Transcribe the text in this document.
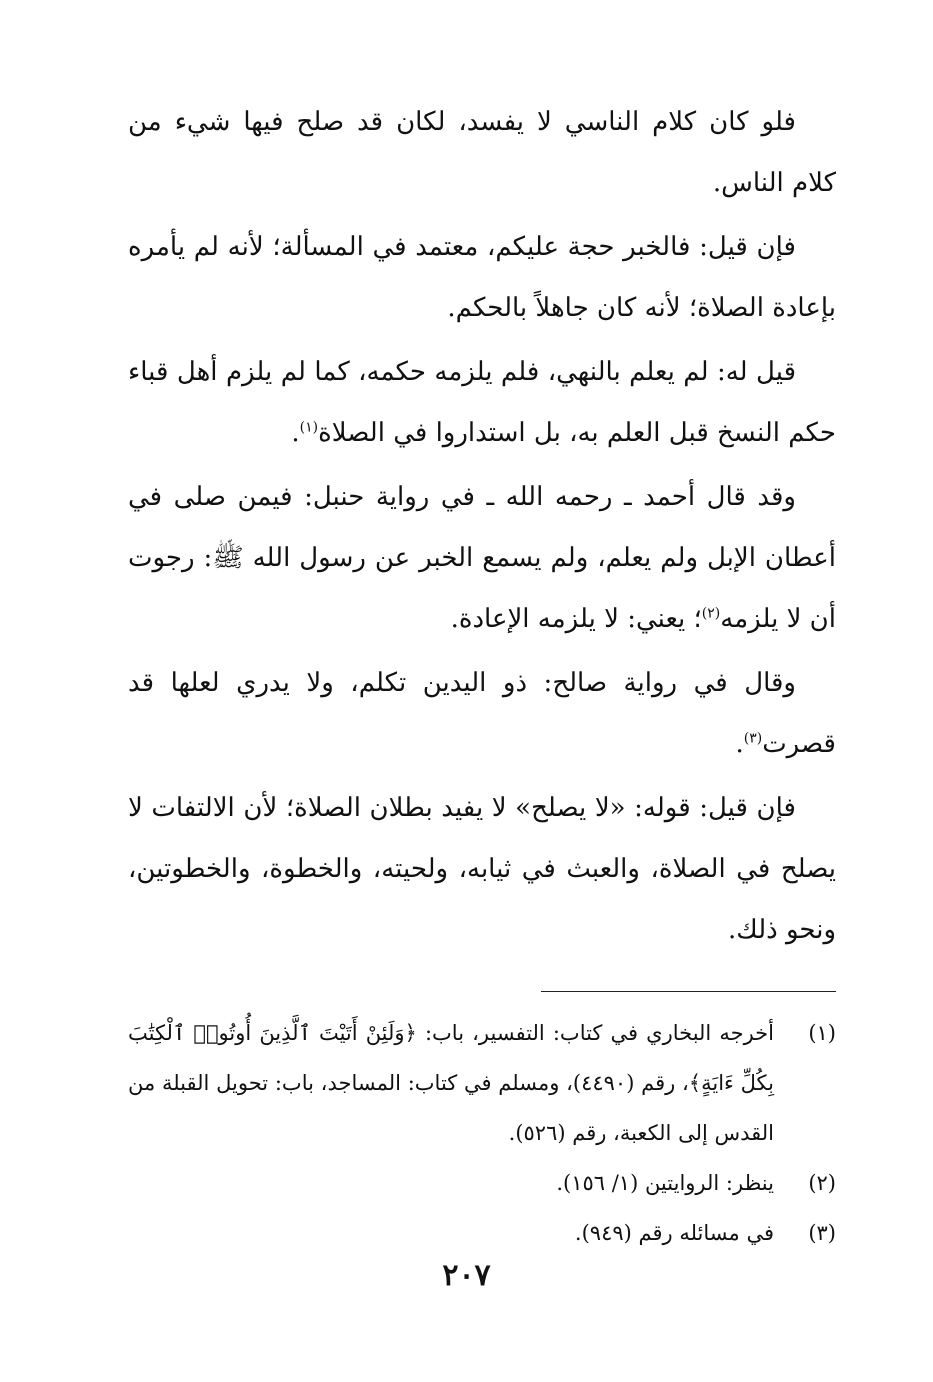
فلو كان كلام الناسي لا يفسد، لكان قد صلح فيها شيء من كلام الناس.

فإن قيل: فالخبر حجة عليكم، معتمد في المسألة؛ لأنه لم يأمره بإعادة الصلاة؛ لأنه كان جاهلاً بالحكم.

قيل له: لم يعلم بالنهي، فلم يلزمه حكمه، كما لم يلزم أهل قباء حكم النسخ قبل العلم به، بل استداروا في الصلاة$^{(١)}$.

وقد قال أحمد ـ رحمه الله ـ في رواية حنبل: فيمن صلى في أعطان الإبل ولم يعلم، ولم يسمع الخبر عن رسول الله ﷺ: رجوت أن لا يلزمه$^{(٢)}$؛ يعني: لا يلزمه الإعادة.

وقال في رواية صالح: ذو اليدين تكلم، ولا يدري لعلها قد قصرت$^{(٣)}$.

فإن قيل: قوله: «لا يصلح» لا يفيد بطلان الصلاة؛ لأن الالتفات لا يصلح في الصلاة، والعبث في ثيابه، ولحيته، والخطوة، والخطوتين، ونحو ذلك.

(١)
أخرجه البخاري في كتاب: التفسير، باب: ﴿وَلَئِنْ أَتَيْتَ ٱلَّذِينَ أُوتُوا۟ ٱلْكِتَٰبَ بِكُلِّ ءَايَةٍ﴾، رقم (٤٤٩٠)، ومسلم في كتاب: المساجد، باب: تحويل القبلة من القدس إلى الكعبة، رقم (٥٢٦).
(٢)
ينظر: الروايتين (١/ ١٥٦).
(٣)
في مسائله رقم (٩٤٩).
٢٠٧
